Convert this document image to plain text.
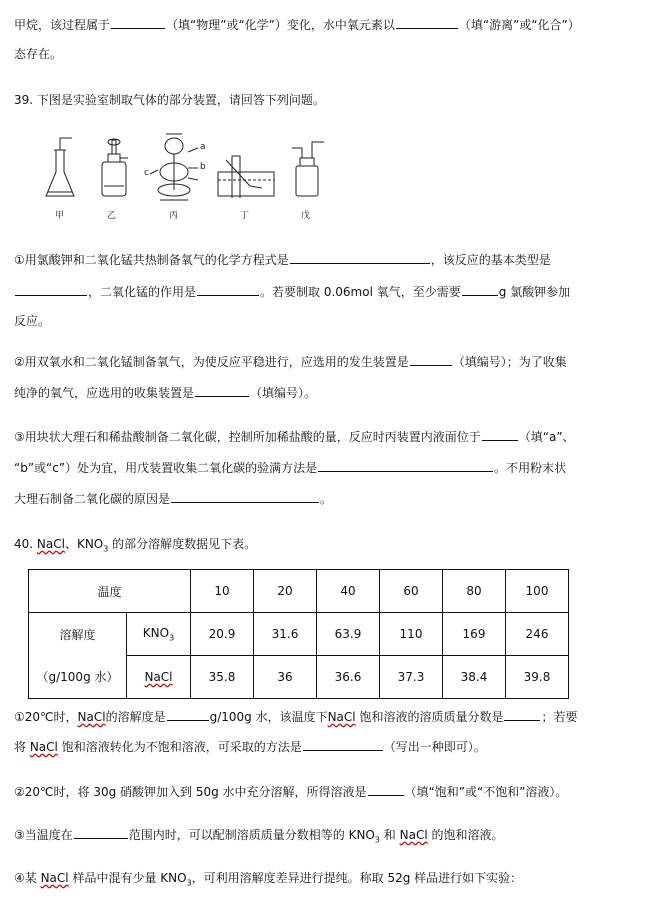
甲烷，该过程属于	（填“物理”或“化学”）变化，水中氧元素以	（填“游离”或“化合”）
态存在。
39. 下图是实验室制取气体的部分装置，请回答下列问题。
甲	乙	丙	丁	戊
a
b
c
①用氯酸钾和二氧化锰共热制备氧气的化学方程式是	，该反应的基本类型是
，二氧化锰的作用是	。若要制取 0.06mol 氧气，至少需要	g 氯酸钾参加
反应。
②用双氧水和二氧化锰制备氧气，为使反应平稳进行，应选用的发生装置是	（填编号）；为了收集
纯净的氧气，应选用的收集装置是	（填编号）。
③用块状大理石和稀盐酸制备二氧化碳，控制所加稀盐酸的量，反应时丙装置内液面位于	（填“a”、
“b”或“c”）处为宜，用戊装置收集二氧化碳的验满方法是	。不用粉末状
大理石制备二氧化碳的原因是	。
40. NaCl、$KNO_3$ 的部分溶解度数据见下表。
温度		10	20	40	60	80	100
溶解度	$KNO_3$	20.9	31.6	63.9	110	169	246
（g/100g 水）	NaCl	35.8	36	36.6	37.3	38.4	39.8
①20℃时，NaCl的溶解度是	g/100g 水，该温度下NaCl 饱和溶液的溶质质量分数是	；若要
将 NaCl 饱和溶液转化为不饱和溶液，可采取的方法是	（写出一种即可）。
②20℃时，将 30g 硝酸钾加入到 50g 水中充分溶解，所得溶液是	（填“饱和”或“不饱和”溶液）。
③当温度在	范围内时，可以配制溶质质量分数相等的 $KNO_3$ 和 NaCl 的饱和溶液。
④某 NaCl 样品中混有少量 $KNO_3$，可利用溶解度差异进行提纯。称取 52g 样品进行如下实验：
